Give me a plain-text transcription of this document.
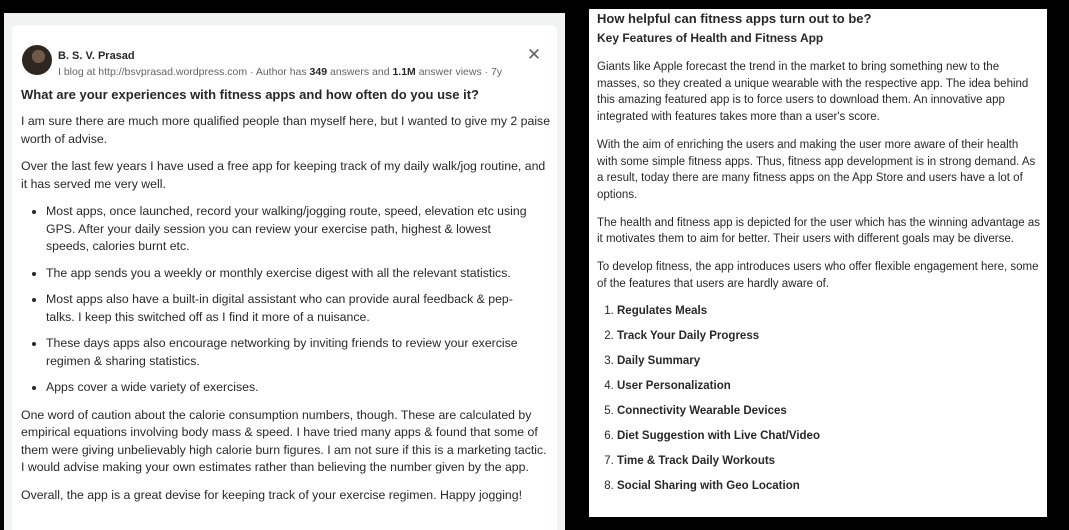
B. S. V. Prasad
I blog at http://bsvprasad.wordpress.com · Author has 349 answers and 1.1M answer views · 7y
✕
What are your experiences with fitness apps and how often do you use it?

I am sure there are much more qualified people than myself here, but I wanted to give my 2 paise worth of advise.

Over the last few years I have used a free app for keeping track of my daily walk/jog routine, and it has served me very well.

• Most apps, once launched, record your walking/jogging route, speed, elevation etc using GPS. After your daily session you can review your exercise path, highest & lowest speeds, calories burnt etc.
• The app sends you a weekly or monthly exercise digest with all the relevant statistics.
• Most apps also have a built-in digital assistant who can provide aural feedback & pep-talks. I keep this switched off as I find it more of a nuisance.
• These days apps also encourage networking by inviting friends to review your exercise regimen & sharing statistics.
• Apps cover a wide variety of exercises.

One word of caution about the calorie consumption numbers, though. These are calculated by empirical equations involving body mass & speed. I have tried many apps & found that some of them were giving unbelievably high calorie burn figures. I am not sure if this is a marketing tactic. I would advise making your own estimates rather than believing the number given by the app.

Overall, the app is a great devise for keeping track of your exercise regimen. Happy jogging!

How helpful can fitness apps turn out to be?
Key Features of Health and Fitness App

Giants like Apple forecast the trend in the market to bring something new to the masses, so they created a unique wearable with the respective app. The idea behind this amazing featured app is to force users to download them. An innovative app integrated with features takes more than a user's score.

With the aim of enriching the users and making the user more aware of their health with some simple fitness apps. Thus, fitness app development is in strong demand. As a result, today there are many fitness apps on the App Store and users have a lot of options.

The health and fitness app is depicted for the user which has the winning advantage as it motivates them to aim for better. Their users with different goals may be diverse.

To develop fitness, the app introduces users who offer flexible engagement here, some of the features that users are hardly aware of.

1. Regulates Meals
2. Track Your Daily Progress
3. Daily Summary
4. User Personalization
5. Connectivity Wearable Devices
6. Diet Suggestion with Live Chat/Video
7. Time & Track Daily Workouts
8. Social Sharing with Geo Location
